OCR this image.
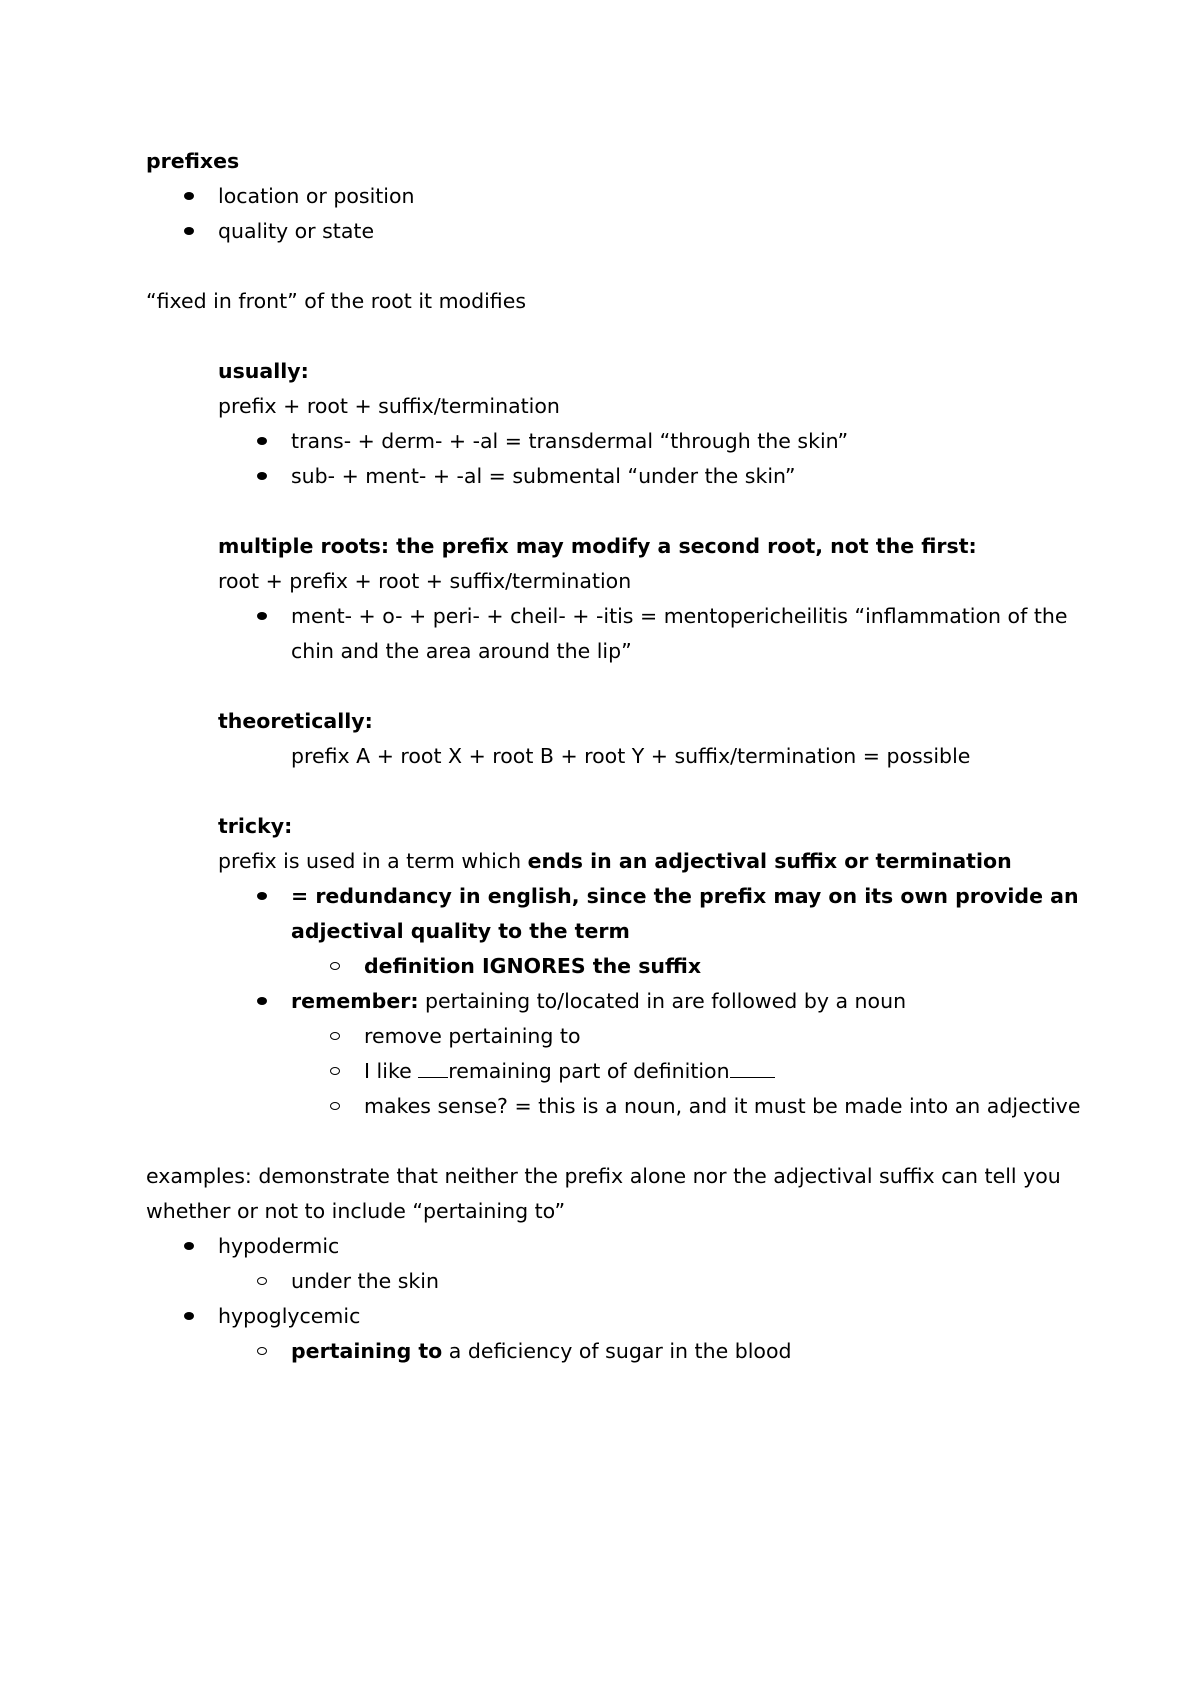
prefixes
location or position
quality or state
“fixed in front” of the root it modifies
usually:
prefix + root + suffix/termination
trans- + derm- + -al = transdermal “through the skin”
sub- + ment- + -al = submental “under the skin”
multiple roots: the prefix may modify a second root, not the first:
root + prefix + root + suffix/termination
ment- + o- + peri- + cheil- + -itis = mentopericheilitis “inflammation of the
chin and the area around the lip”
theoretically:
prefix A + root X + root B + root Y + suffix/termination = possible
tricky:
prefix is used in a term which ends in an adjectival suffix or termination
= redundancy in english, since the prefix may on its own provide an
adjectival quality to the term
definition IGNORES the suffix
remember: pertaining to/located in are followed by a noun
remove pertaining to
I like remaining part of definition
makes sense? = this is a noun, and it must be made into an adjective
examples: demonstrate that neither the prefix alone nor the adjectival suffix can tell you
whether or not to include “pertaining to”
hypodermic
under the skin
hypoglycemic
pertaining to a deficiency of sugar in the blood
